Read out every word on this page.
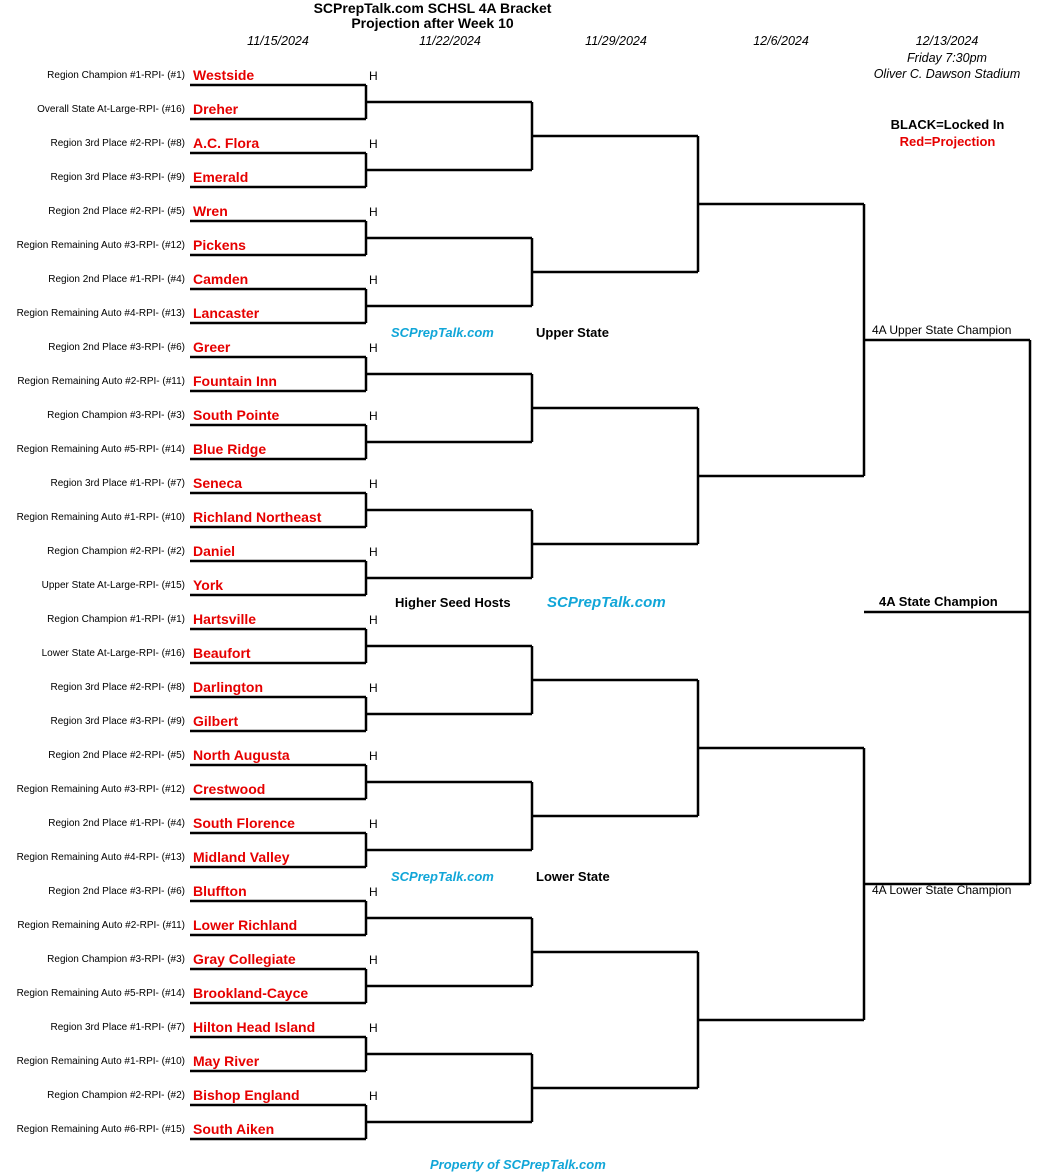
SCPrepTalk.com SCHSL 4A Bracket
Projection after Week 10
11/15/2024	11/22/2024	11/29/2024	12/6/2024	12/13/2024
Friday 7:30pm
Oliver C. Dawson Stadium
BLACK=Locked In
Red=Projection
Region Champion #1-RPI- (#1) Westside	H
Overall State At-Large-RPI- (#16) Dreher
Region 3rd Place #2-RPI- (#8) A.C. Flora	H
Region 3rd Place #3-RPI- (#9) Emerald
Region 2nd Place #2-RPI- (#5) Wren	H
Region Remaining Auto #3-RPI- (#12) Pickens
Region 2nd Place #1-RPI- (#4) Camden	H
Region Remaining Auto #4-RPI- (#13) Lancaster
Region 2nd Place #3-RPI- (#6) Greer	H
Region Remaining Auto #2-RPI- (#11) Fountain Inn
Region Champion #3-RPI- (#3) South Pointe	H
Region Remaining Auto #5-RPI- (#14) Blue Ridge
Region 3rd Place #1-RPI- (#7) Seneca	H
Region Remaining Auto #1-RPI- (#10) Richland Northeast
Region Champion #2-RPI- (#2) Daniel	H
Upper State At-Large-RPI- (#15) York
Region Champion #1-RPI- (#1) Hartsville	H
Lower State At-Large-RPI- (#16) Beaufort
Region 3rd Place #2-RPI- (#8) Darlington	H
Region 3rd Place #3-RPI- (#9) Gilbert
Region 2nd Place #2-RPI- (#5) North Augusta	H
Region Remaining Auto #3-RPI- (#12) Crestwood
Region 2nd Place #1-RPI- (#4) South Florence	H
Region Remaining Auto #4-RPI- (#13) Midland Valley
Region 2nd Place #3-RPI- (#6) Bluffton	H
Region Remaining Auto #2-RPI- (#11) Lower Richland
Region Champion #3-RPI- (#3) Gray Collegiate	H
Region Remaining Auto #5-RPI- (#14) Brookland-Cayce
Region 3rd Place #1-RPI- (#7) Hilton Head Island	H
Region Remaining Auto #1-RPI- (#10) May River
Region Champion #2-RPI- (#2) Bishop England	H
Region Remaining Auto #6-RPI- (#15) South Aiken
SCPrepTalk.com	Upper State
Higher Seed Hosts SCPrepTalk.com
SCPrepTalk.com	Lower State
4A Upper State Champion
4A State Champion
4A Lower State Champion
Property of SCPrepTalk.com
